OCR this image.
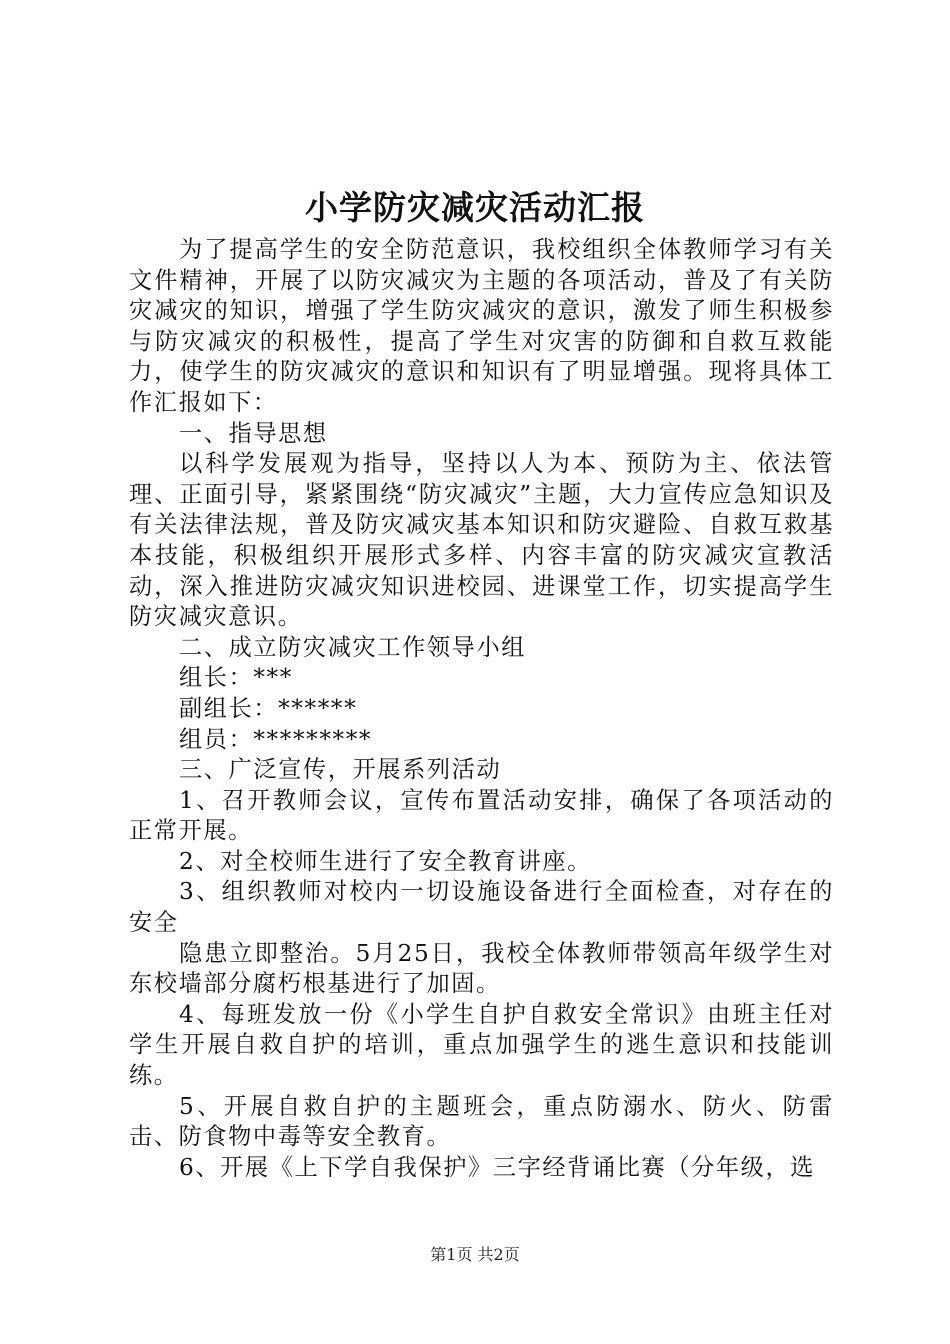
小学防灾减灾活动汇报

为了提高学生的安全防范意识，我校组织全体教师学习有关文件精神，开展了以防灾减灾为主题的各项活动，普及了有关防灾减灾的知识，增强了学生防灾减灾的意识，激发了师生积极参与防灾减灾的积极性，提高了学生对灾害的防御和自救互救能力，使学生的防灾减灾的意识和知识有了明显增强。现将具体工作汇报如下：

一、指导思想

以科学发展观为指导，坚持以人为本、预防为主、依法管理、正面引导，紧紧围绕“防灾减灾”主题，大力宣传应急知识及有关法律法规，普及防灾减灾基本知识和防灾避险、自救互救基本技能，积极组织开展形式多样、内容丰富的防灾减灾宣教活动，深入推进防灾减灾知识进校园、进课堂工作，切实提高学生防灾减灾意识。

二、成立防灾减灾工作领导小组

组长：***

副组长：******

组员：*********

三、广泛宣传，开展系列活动

1、召开教师会议，宣传布置活动安排，确保了各项活动的正常开展。

2、对全校师生进行了安全教育讲座。

3、组织教师对校内一切设施设备进行全面检查，对存在的安全

隐患立即整治。5月25日，我校全体教师带领高年级学生对东校墙部分腐朽根基进行了加固。

4、每班发放一份《小学生自护自救安全常识》由班主任对学生开展自救自护的培训，重点加强学生的逃生意识和技能训练。

5、开展自救自护的主题班会，重点防溺水、防火、防雷击、防食物中毒等安全教育。

6、开展《上下学自我保护》三字经背诵比赛（分年级，选

第1页 共2页
